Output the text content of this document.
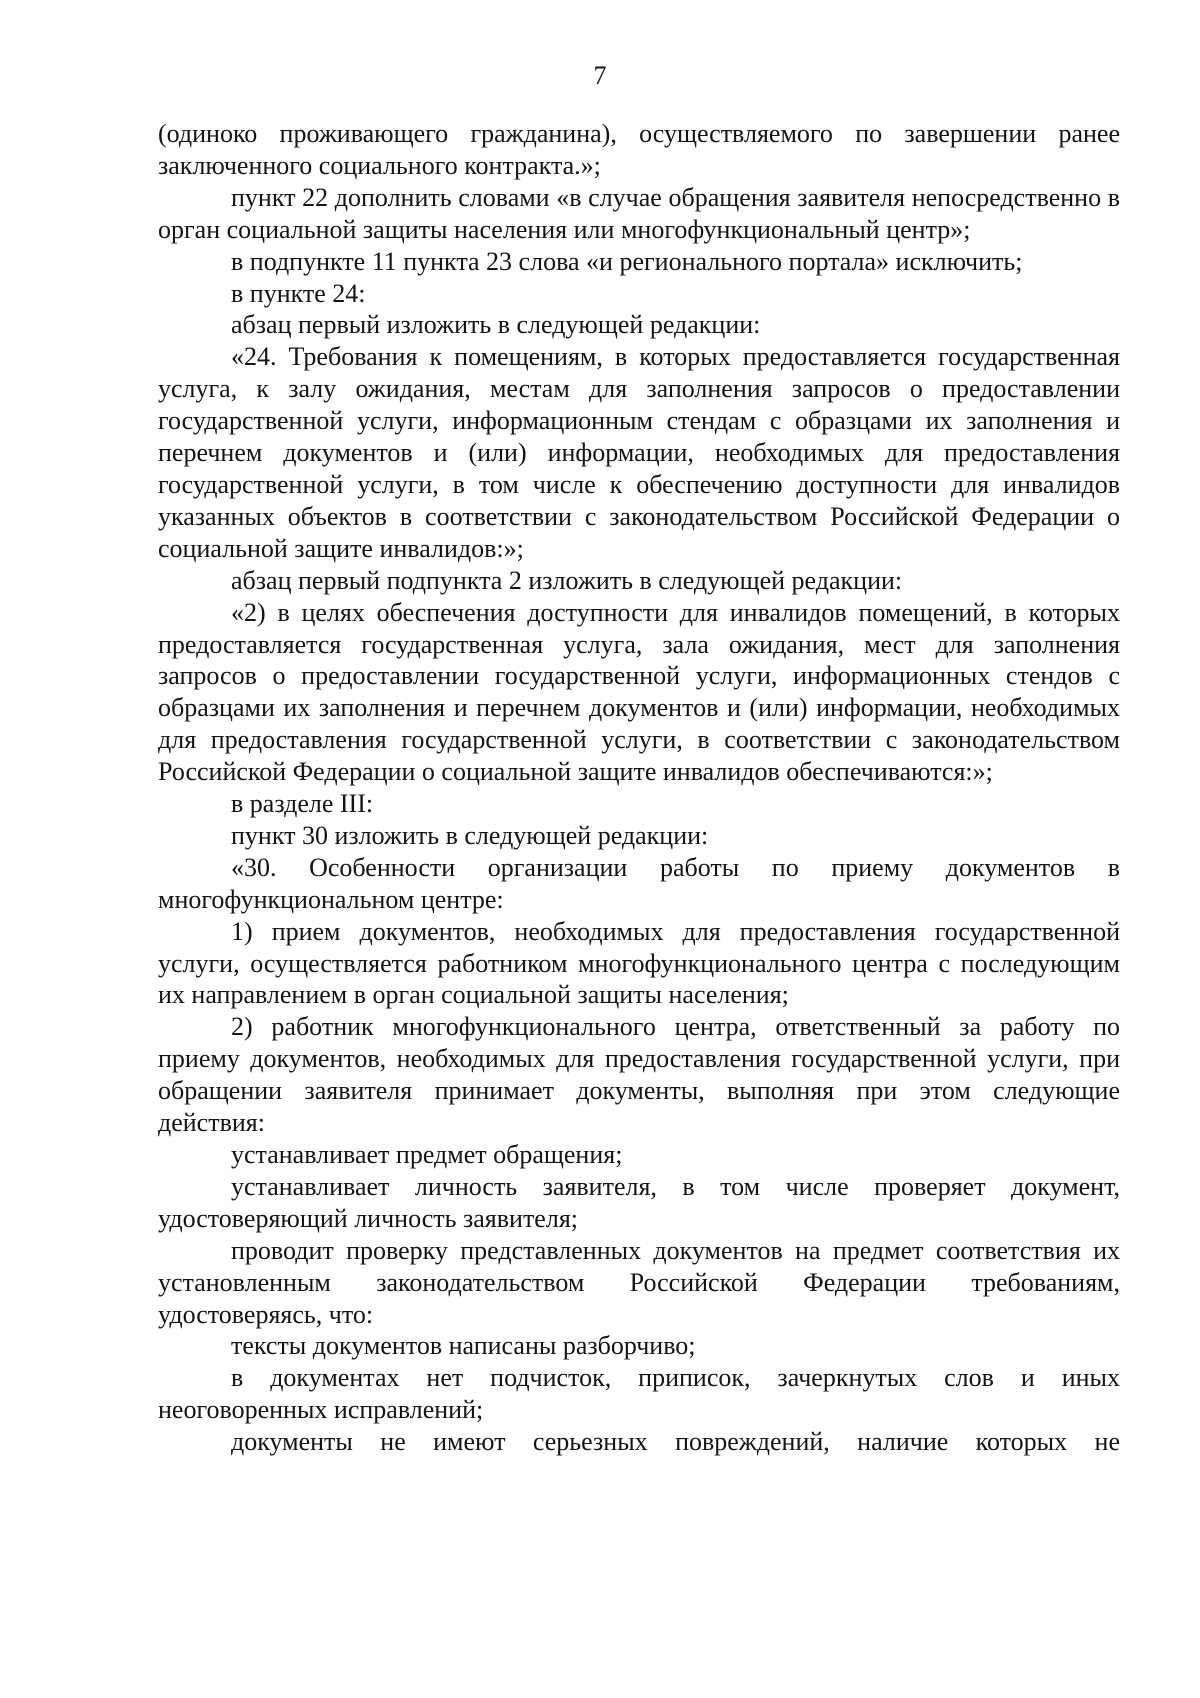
7

(одиноко проживающего гражданина), осуществляемого по завершении ранее заключенного социального контракта.»;

пункт 22 дополнить словами «в случае обращения заявителя непосредственно в орган социальной защиты населения или многофункциональный центр»;

в подпункте 11 пункта 23 слова «и регионального портала» исключить;

в пункте 24:

абзац первый изложить в следующей редакции:

«24. Требования к помещениям, в которых предоставляется государственная услуга, к залу ожидания, местам для заполнения запросов о предоставлении государственной услуги, информационным стендам с образцами их заполнения и перечнем документов и (или) информации, необходимых для предоставления государственной услуги, в том числе к обеспечению доступности для инвалидов указанных объектов в соответствии с законодательством Российской Федерации о социальной защите инвалидов:»;

абзац первый подпункта 2 изложить в следующей редакции:

«2) в целях обеспечения доступности для инвалидов помещений, в которых предоставляется государственная услуга, зала ожидания, мест для заполнения запросов о предоставлении государственной услуги, информационных стендов с образцами их заполнения и перечнем документов и (или) информации, необходимых для предоставления государственной услуги, в соответствии с законодательством Российской Федерации о социальной защите инвалидов обеспечиваются:»;

в разделе III:

пункт 30 изложить в следующей редакции:

«30. Особенности организации работы по приему документов в многофункциональном центре:

1) прием документов, необходимых для предоставления государственной услуги, осуществляется работником многофункционального центра с последующим их направлением в орган социальной защиты населения;

2) работник многофункционального центра, ответственный за работу по приему документов, необходимых для предоставления государственной услуги, при обращении заявителя принимает документы, выполняя при этом следующие действия:

устанавливает предмет обращения;

устанавливает личность заявителя, в том числе проверяет документ, удостоверяющий личность заявителя;

проводит проверку представленных документов на предмет соответствия их установленным законодательством Российской Федерации требованиям, удостоверяясь, что:

тексты документов написаны разборчиво;

в документах нет подчисток, приписок, зачеркнутых слов и иных неоговоренных исправлений;

документы не имеют серьезных повреждений, наличие которых не
